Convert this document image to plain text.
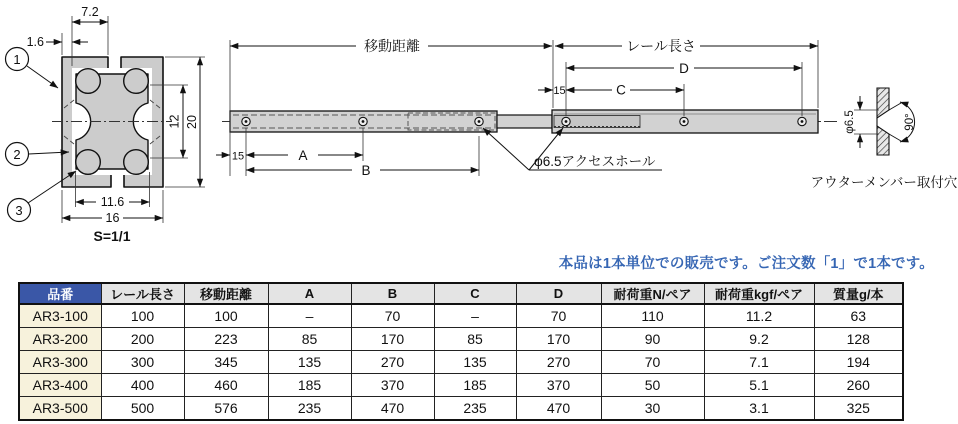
7.2
1.6
12 20
11.6
16
S=1/1
1
2
3
移動距離	レール長さ
D
15	C
15	A
B
φ6.5アクセスホール
φ6.5	90°
アウターメンバー取付穴
本品は1本単位での販売です。ご注文数「1」で1本です。
品番	レール長さ	移動距離	A	B	C	D	耐荷重N/ペア	耐荷重kgf/ペア	質量g/本
AR3-100	100	100	–	70	–	70	110	11.2	63
AR3-200	200	223	85	170	85	170	90	9.2	128
AR3-300	300	345	135	270	135	270	70	7.1	194
AR3-400	400	460	185	370	185	370	50	5.1	260
AR3-500	500	576	235	470	235	470	30	3.1	325
